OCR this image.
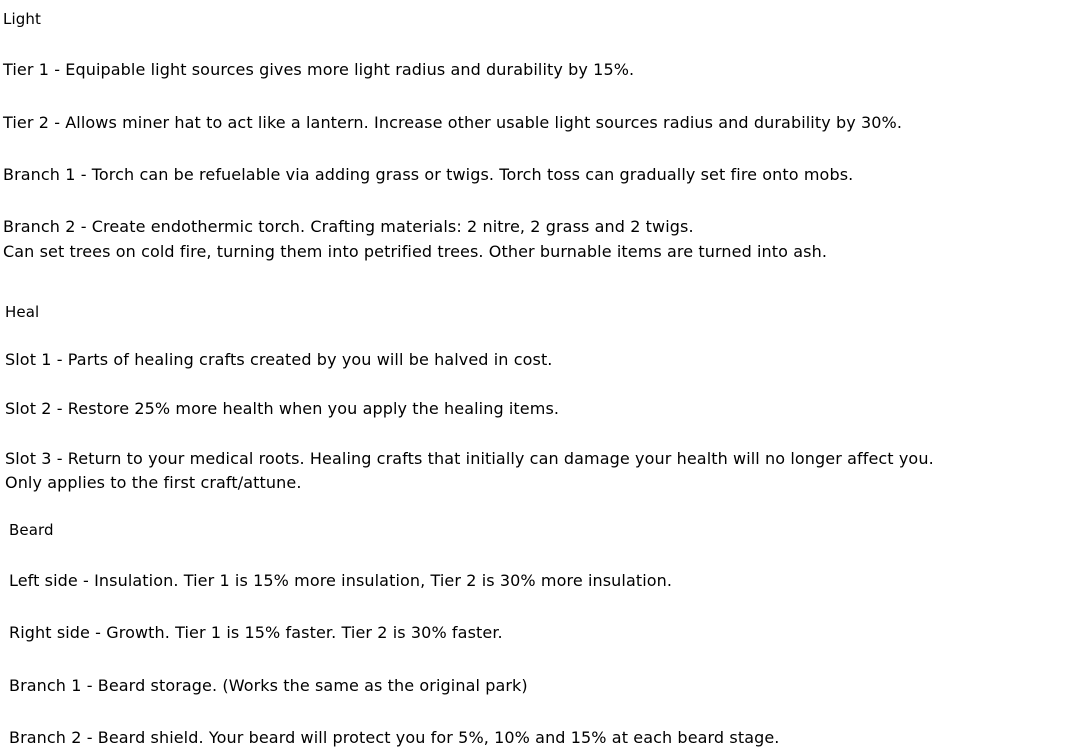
Light
Tier 1 - Equipable light sources gives more light radius and durability by 15%.
Tier 2 - Allows miner hat to act like a lantern. Increase other usable light sources radius and durability by 30%.
Branch 1 - Torch can be refuelable via adding grass or twigs. Torch toss can gradually set fire onto mobs.
Branch 2 - Create endothermic torch. Crafting materials: 2 nitre, 2 grass and 2 twigs.
Can set trees on cold fire, turning them into petrified trees. Other burnable items are turned into ash.
Heal
Slot 1 - Parts of healing crafts created by you will be halved in cost.
Slot 2 - Restore 25% more health when you apply the healing items.
Slot 3 - Return to your medical roots. Healing crafts that initially can damage your health will no longer affect you.
Only applies to the first craft/attune.
Beard
Left side - Insulation. Tier 1 is 15% more insulation, Tier 2 is 30% more insulation.
Right side - Growth. Tier 1 is 15% faster. Tier 2 is 30% faster.
Branch 1 - Beard storage. (Works the same as the original park)
Branch 2 - Beard shield. Your beard will protect you for 5%, 10% and 15% at each beard stage.
